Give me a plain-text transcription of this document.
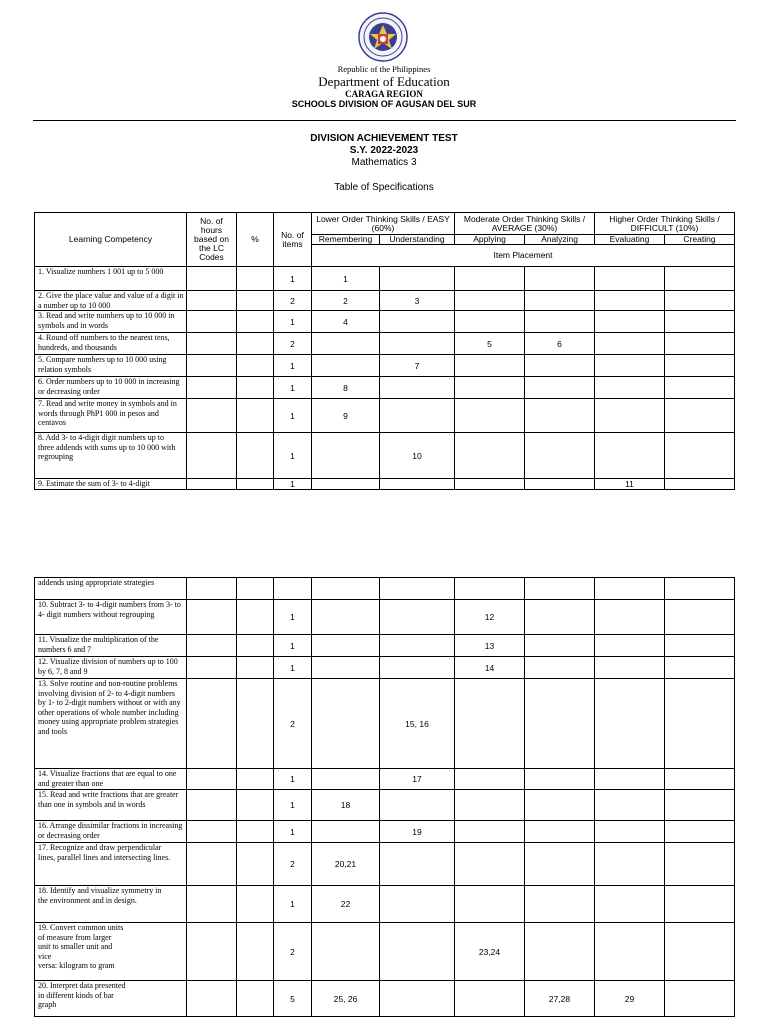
Republic of the Philippines
Department of Education
CARAGA REGION
SCHOOLS DIVISION OF AGUSAN DEL SUR
DIVISION ACHIEVEMENT TEST
S.Y. 2022-2023
Mathematics 3
Table of Specifications
Learning Competency	No. of hours based on the LC Codes	%	No. of items	Lower Order Thinking Skills / EASY (60%)		Moderate Order Thinking Skills / AVERAGE (30%)		Higher Order Thinking Skills / DIFFICULT (10%)	
				Remembering	Understanding	Applying	Analyzing	Evaluating	Creating
				Item Placement					
1. Visualize numbers 1 001 up to 5 000			1	1					
2. Give the place value and value of a digit in a number up to 10 000			2	2	3				
3. Read and write numbers up to 10 000 in symbols and in words			1	4					
4. Round off numbers to the nearest tens, hundreds, and thousands			2			5	6		
5. Compare numbers up to 10 000 using relation symbols			1		7				
6. Order numbers up to 10 000 in increasing or decreasing order			1	8					
7. Read and write money in symbols and in words through PhP1 000 in pesos and centavos			1	9					
8. Add 3- to 4-digit digit numbers up to
three addends with sums up to 10 000 with regrouping			1		10				
9. Estimate the sum of 3- to 4-digit			1					11	
addends using appropriate strategies									
10. Subtract 3- to 4-digit numbers from 3- to 4- digit numbers without regrouping			1			12			
11. Visualize the multiplication of the numbers 6 and 7			1			13			
12. Visualize division of numbers up to 100 by 6, 7, 8 and 9			1			14			
13. Solve routine and non-routine problems involving division of 2- to 4-digit numbers by 1- to 2-digit numbers without or with any other operations of whole number including money using appropriate problem strategies and tools			2		15, 16				
14. Visualize fractions that are equal to one and greater than one			1		17				
15. Read and write fractions that are greater than one in symbols and in words			1	18					
16. Arrange dissimilar fractions in increasing or decreasing order			1		19				
17. Recognize and draw perpendicular
lines, parallel lines and intersecting lines.			2	20,21					
18. Identify and visualize symmetry in
the environment and in design.			1	22					
19. Convert common units
of measure from larger
unit to smaller unit and
vice
versa: kilogram to gram			2			23,24			
20. Interpret data presented
in different kinds of bar
graph			5	25, 26			27,28	29	
